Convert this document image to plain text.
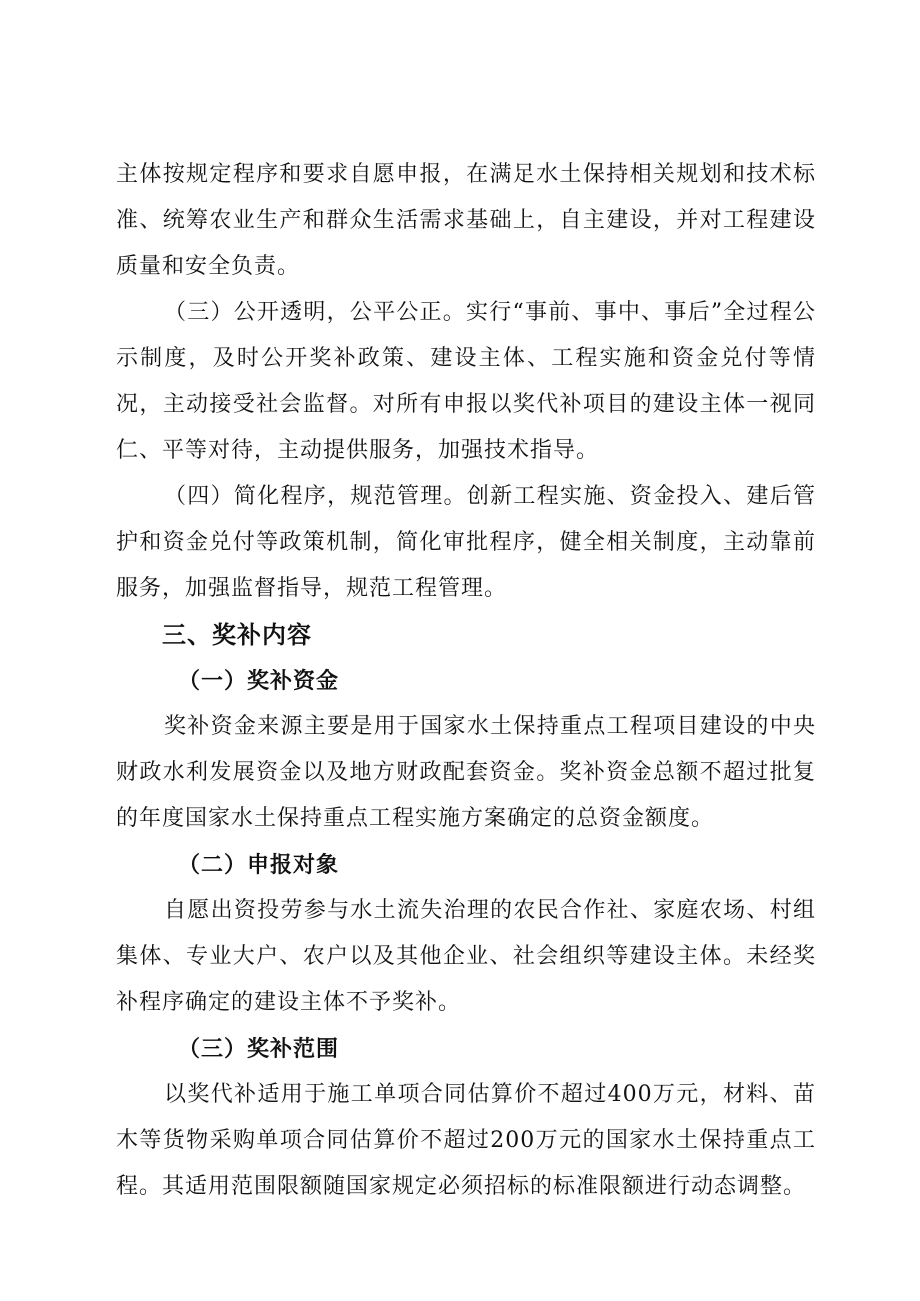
主体按规定程序和要求自愿申报，在满足水土保持相关规划和技术标准、统筹农业生产和群众生活需求基础上，自主建设，并对工程建设质量和安全负责。

（三）公开透明，公平公正。实行“事前、事中、事后”全过程公示制度，及时公开奖补政策、建设主体、工程实施和资金兑付等情况，主动接受社会监督。对所有申报以奖代补项目的建设主体一视同仁、平等对待，主动提供服务，加强技术指导。

（四）简化程序，规范管理。创新工程实施、资金投入、建后管护和资金兑付等政策机制，简化审批程序，健全相关制度，主动靠前服务，加强监督指导，规范工程管理。

三、奖补内容
（一）奖补资金

奖补资金来源主要是用于国家水土保持重点工程项目建设的中央财政水利发展资金以及地方财政配套资金。奖补资金总额不超过批复的年度国家水土保持重点工程实施方案确定的总资金额度。

（二）申报对象

自愿出资投劳参与水土流失治理的农民合作社、家庭农场、村组集体、专业大户、农户以及其他企业、社会组织等建设主体。未经奖补程序确定的建设主体不予奖补。

（三）奖补范围

以奖代补适用于施工单项合同估算价不超过400万元，材料、苗木等货物采购单项合同估算价不超过200万元的国家水土保持重点工程。其适用范围限额随国家规定必须招标的标准限额进行动态调整。
